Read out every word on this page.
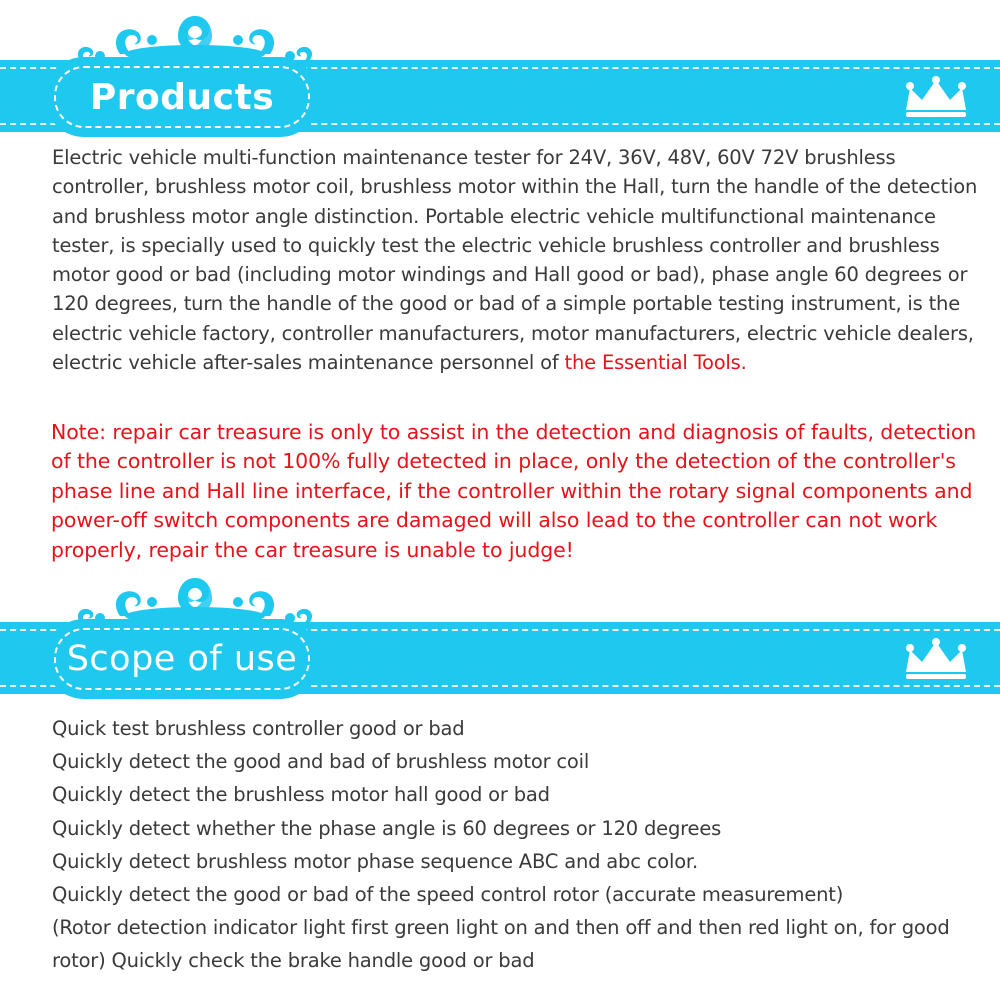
Products
Electric vehicle multi-function maintenance tester for 24V, 36V, 48V, 60V 72V brushless controller, brushless motor coil, brushless motor within the Hall, turn the handle of the detection and brushless motor angle distinction. Portable electric vehicle multifunctional maintenance tester, is specially used to quickly test the electric vehicle brushless controller and brushless motor good or bad (including motor windings and Hall good or bad), phase angle 60 degrees or 120 degrees, turn the handle of the good or bad of a simple portable testing instrument, is the electric vehicle factory, controller manufacturers, motor manufacturers, electric vehicle dealers, electric vehicle after-sales maintenance personnel of the Essential Tools.
Note: repair car treasure is only to assist in the detection and diagnosis of faults, detection of the controller is not 100% fully detected in place, only the detection of the controller's phase line and Hall line interface, if the controller within the rotary signal components and power-off switch components are damaged will also lead to the controller can not work properly, repair the car treasure is unable to judge!
Scope of use
Quick test brushless controller good or bad
Quickly detect the good and bad of brushless motor coil
Quickly detect the brushless motor hall good or bad
Quickly detect whether the phase angle is 60 degrees or 120 degrees
Quickly detect brushless motor phase sequence ABC and abc color.
Quickly detect the good or bad of the speed control rotor (accurate measurement)
(Rotor detection indicator light first green light on and then off and then red light on, for good rotor) Quickly check the brake handle good or bad
